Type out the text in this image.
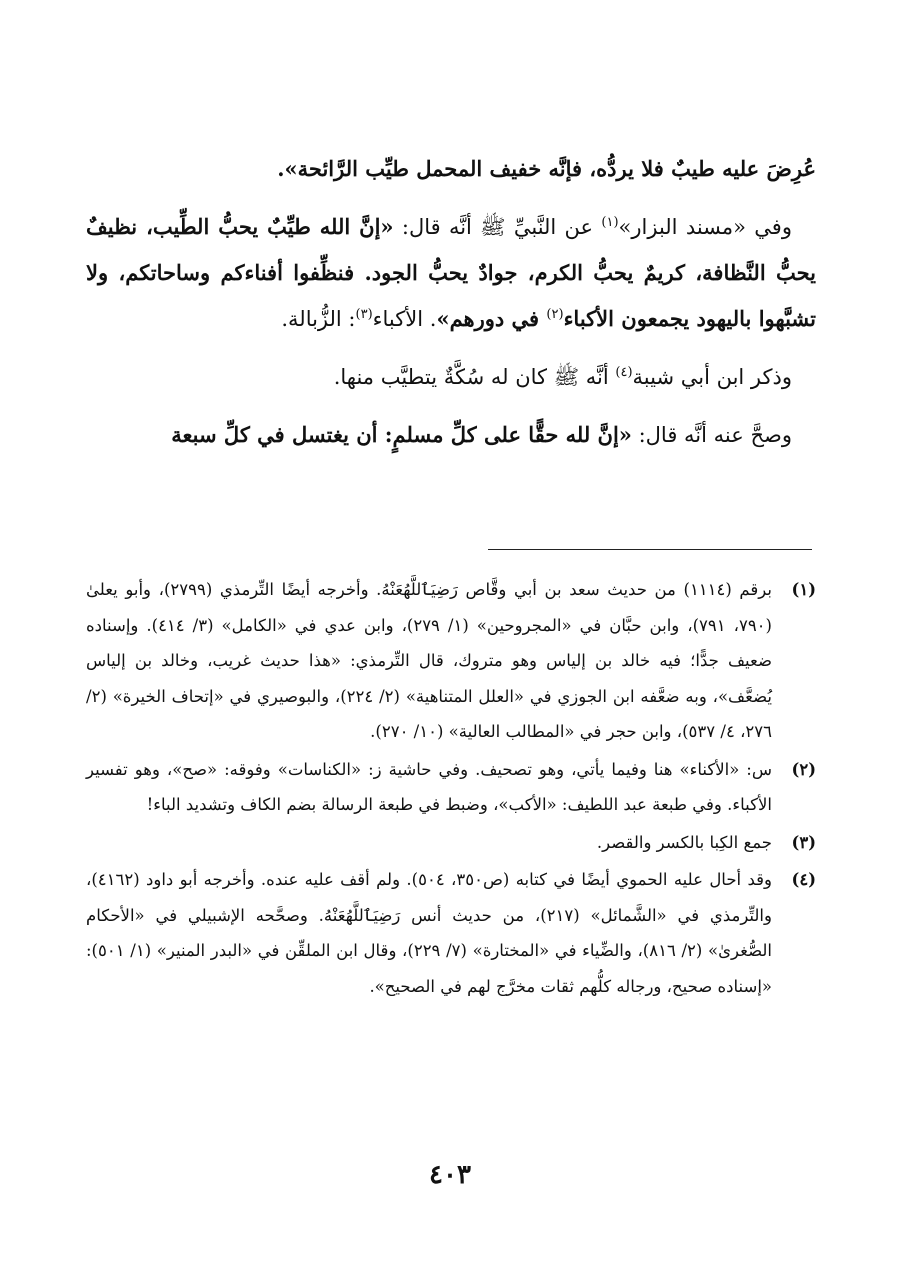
عُرِضَ عليه طيبٌ فلا يردُّه، فإنَّه خفيف المحمل طيِّب الرَّائحة».

وفي «مسند البزار»$^{(١)}$ عن النَّبيِّ ﷺ أنَّه قال: «إنَّ الله طيِّبٌ يحبُّ الطِّيب، نظيفٌ يحبُّ النَّظافة، كريمٌ يحبُّ الكرم، جوادٌ يحبُّ الجود. فنظِّفوا أفناءكم وساحاتكم، ولا تشبَّهوا باليهود يجمعون الأكباء$^{(٢)}$ في دورهم». الأكباء$^{(٣)}$: الزُّبالة.

وذكر ابن أبي شيبة$^{(٤)}$ أنَّه ﷺ كان له سُكَّةٌ يتطيَّب منها.

وصحَّ عنه أنَّه قال: «إنَّ لله حقًّا على كلِّ مسلمٍ: أن يغتسل في كلِّ سبعة

(١)
برقم (١١١٤) من حديث سعد بن أبي وقَّاص رَضِيَٱللَّهُعَنْهُ. وأخرجه أيضًا التِّرمذي (٢٧٩٩)، وأبو يعلىٰ (٧٩٠، ٧٩١)، وابن حبَّان في «المجروحين» (١/ ٢٧٩)، وابن عدي في «الكامل» (٣/ ٤١٤). وإسناده ضعيف جدًّا؛ فيه خالد بن إلياس وهو متروك، قال التِّرمذي: «هذا حديث غريب، وخالد بن إلياس يُضعَّف»، وبه ضعَّفه ابن الجوزي في «العلل المتناهية» (٢/ ٢٢٤)، والبوصيري في «إتحاف الخيرة» (٢/ ٢٧٦، ٤/ ٥٣٧)، وابن حجر في «المطالب العالية» (١٠/ ٢٧٠).
(٢)
س: «الأكناء» هنا وفيما يأتي، وهو تصحيف. وفي حاشية ز: «الكناسات» وفوقه: «صح»، وهو تفسير الأكباء. وفي طبعة عبد اللطيف: «الأكب»، وضبط في طبعة الرسالة بضم الكاف وتشديد الباء!
(٣)
جمع الكِبا بالكسر والقصر.
(٤)
وقد أحال عليه الحموي أيضًا في كتابه (ص٣٥٠، ٥٠٤). ولم أقف عليه عنده. وأخرجه أبو داود (٤١٦٢)، والتِّرمذي في «الشَّمائل» (٢١٧)، من حديث أنس رَضِيَٱللَّهُعَنْهُ. وصحَّحه الإشبيلي في «الأحكام الصُّغرىٰ» (٢/ ٨١٦)، والضِّياء في «المختارة» (٧/ ٢٢٩)، وقال ابن الملقِّن في «البدر المنير» (١/ ٥٠١): «إسناده صحيح، ورجاله كلُّهم ثقات مخرَّج لهم في الصحيح».
٤٠٣
